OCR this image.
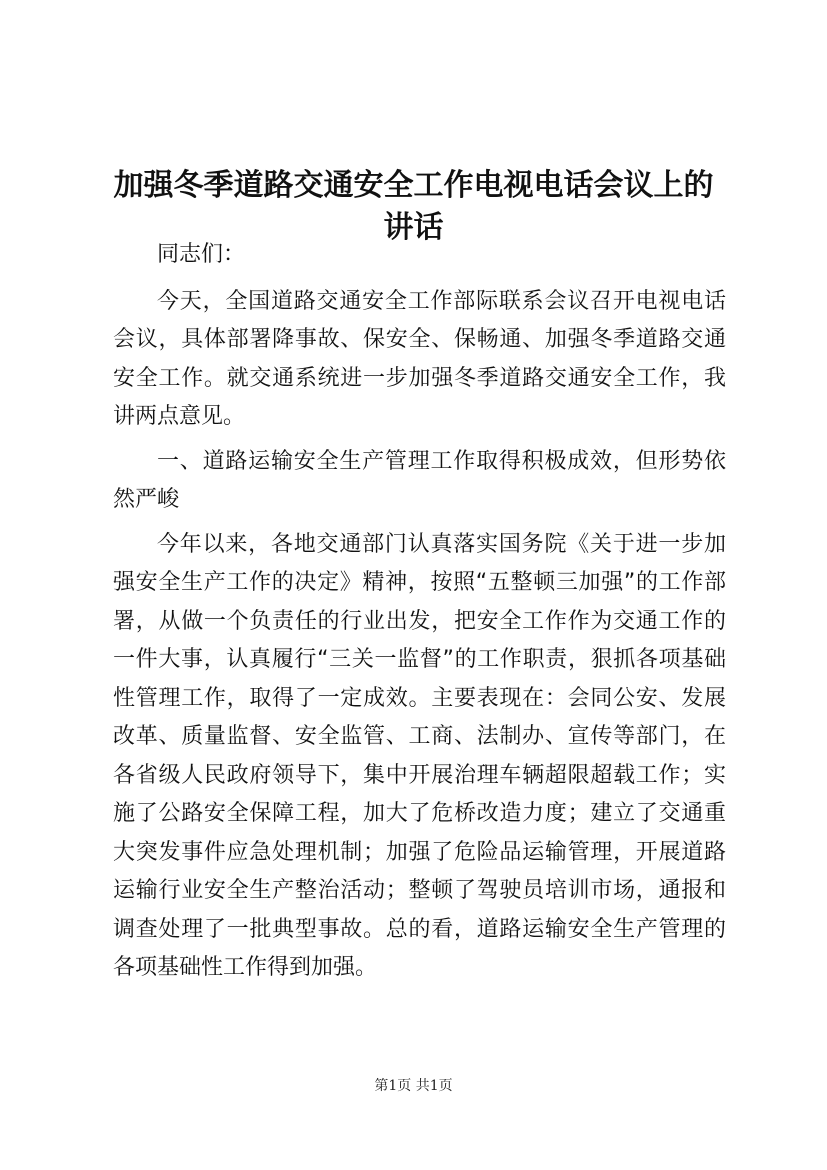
加强冬季道路交通安全工作电视电话会议上的讲话

同志们：

今天，全国道路交通安全工作部际联系会议召开电视电话会议，具体部署降事故、保安全、保畅通、加强冬季道路交通安全工作。就交通系统进一步加强冬季道路交通安全工作，我讲两点意见。

一、道路运输安全生产管理工作取得积极成效，但形势依然严峻

今年以来，各地交通部门认真落实国务院《关于进一步加强安全生产工作的决定》精神，按照“五整顿三加强”的工作部署，从做一个负责任的行业出发，把安全工作作为交通工作的一件大事，认真履行“三关一监督”的工作职责，狠抓各项基础性管理工作，取得了一定成效。主要表现在：会同公安、发展改革、质量监督、安全监管、工商、法制办、宣传等部门，在各省级人民政府领导下，集中开展治理车辆超限超载工作；实施了公路安全保障工程，加大了危桥改造力度；建立了交通重大突发事件应急处理机制；加强了危险品运输管理，开展道路运输行业安全生产整治活动；整顿了驾驶员培训市场，通报和调查处理了一批典型事故。总的看，道路运输安全生产管理的各项基础性工作得到加强。

第1页 共1页
